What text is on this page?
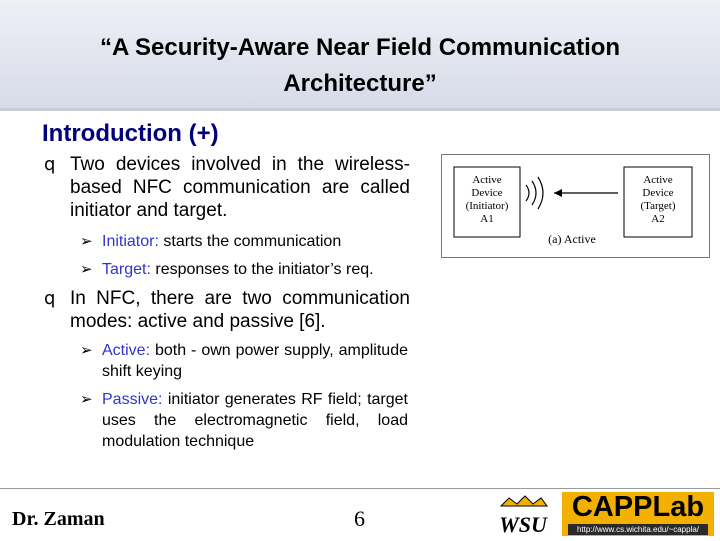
“A Security-Aware Near Field Communication Architecture”
Introduction (+)
q Two devices involved in the wireless-based NFC communication are called initiator and target.
➢ Initiator: starts the communication
➢ Target: responses to the initiator’s req.
q In NFC, there are two communication modes: active and passive [6].
➢ Active: both - own power supply, amplitude shift keying
➢ Passive: initiator generates RF field; target uses the electromagnetic field, load modulation technique
Active
Device
(Initiator)
A1
Active
Device
(Target)
A2
(a) Active
Dr. Zaman	6	WSU
CAPPLab
http://www.cs.wichita.edu/~cappla/
